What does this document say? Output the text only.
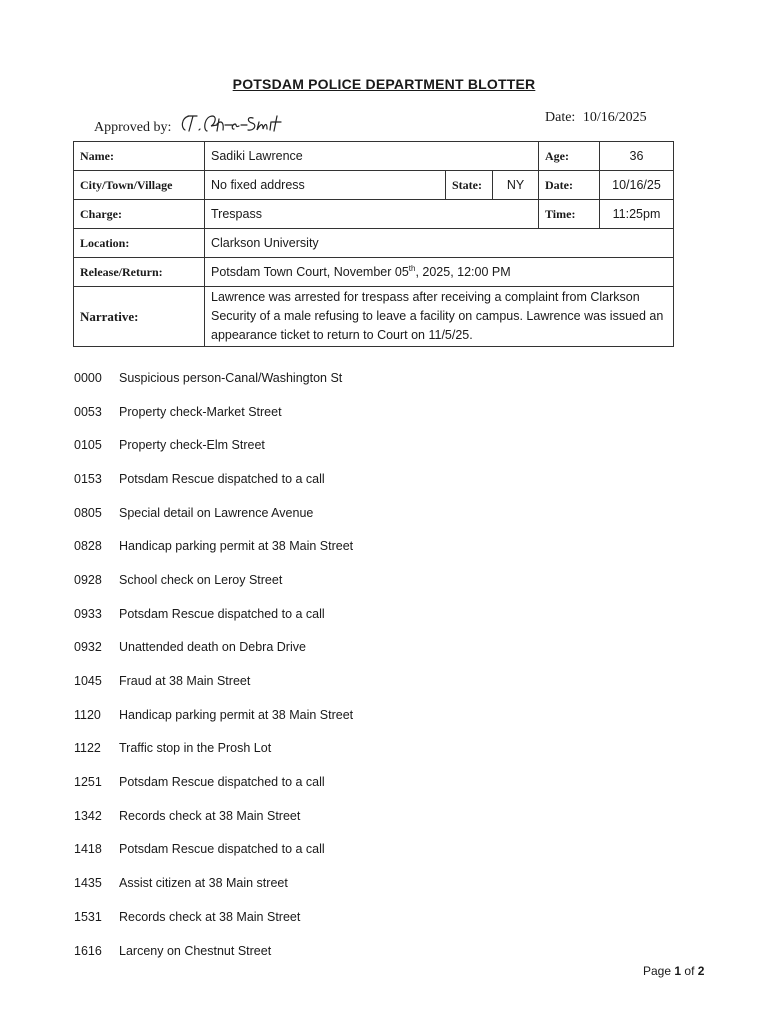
POTSDAM POLICE DEPARTMENT BLOTTER
Approved by:
Date: 10/16/2025
Name:	Sadiki Lawrence			Age:	36
City/Town/Village	No fixed address	State:	NY	Date:	10/16/25
Charge:	Trespass			Time:	11:25pm
Location:	Clarkson University				
Release/Return:	Potsdam Town Court, November 05th, 2025, 12:00 PM				
Narrative:	Lawrence was arrested for trespass after receiving a complaint from Clarkson
Security of a male refusing to leave a facility on campus. Lawrence was issued an
appearance ticket to return to Court on 11/5/25.				
0000	Suspicious person-Canal/Washington St
0053	Property check-Market Street
0105	Property check-Elm Street
0153	Potsdam Rescue dispatched to a call
0805	Special detail on Lawrence Avenue
0828	Handicap parking permit at 38 Main Street
0928	School check on Leroy Street
0933	Potsdam Rescue dispatched to a call
0932	Unattended death on Debra Drive
1045	Fraud at 38 Main Street
1120	Handicap parking permit at 38 Main Street
1122	Traffic stop in the Prosh Lot
1251	Potsdam Rescue dispatched to a call
1342	Records check at 38 Main Street
1418	Potsdam Rescue dispatched to a call
1435	Assist citizen at 38 Main street
1531	Records check at 38 Main Street
1616	Larceny on Chestnut Street
Page 1 of 2
